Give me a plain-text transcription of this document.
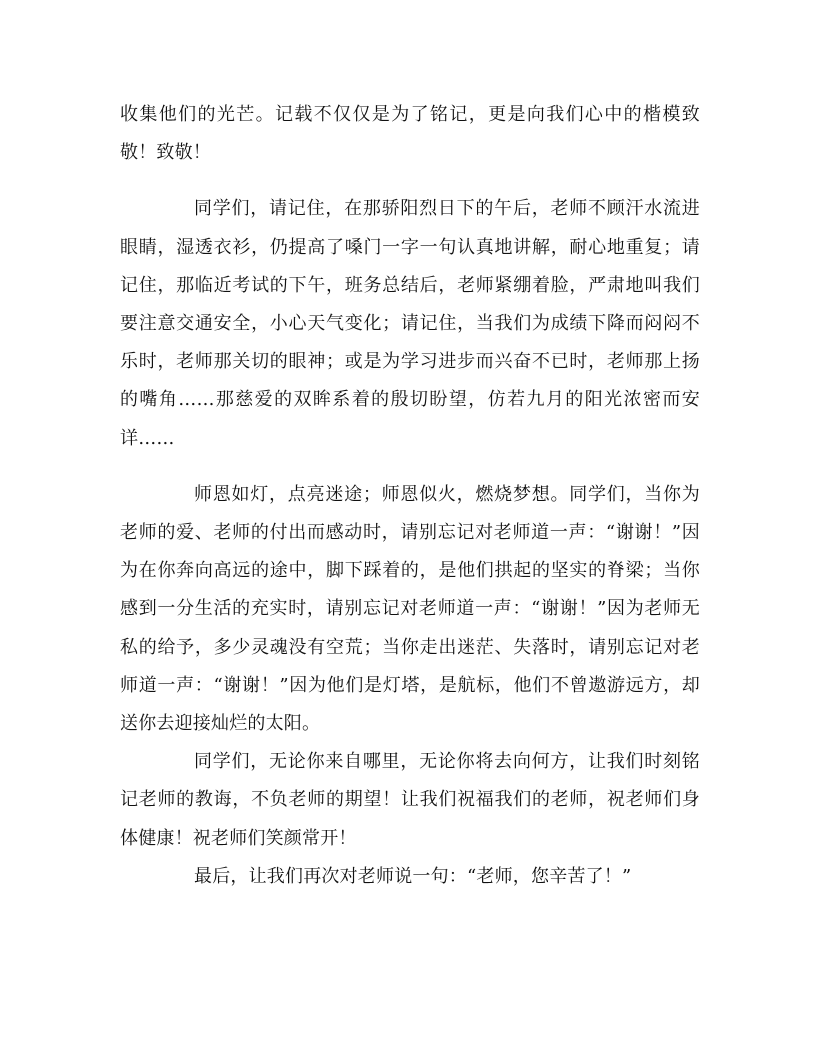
收集他们的光芒。记载不仅仅是为了铭记，更是向我们心中的楷模致敬！致敬！

同学们，请记住，在那骄阳烈日下的午后，老师不顾汗水流进眼睛，湿透衣衫，仍提高了嗓门一字一句认真地讲解，耐心地重复；请记住，那临近考试的下午，班务总结后，老师紧绷着脸，严肃地叫我们要注意交通安全，小心天气变化；请记住，当我们为成绩下降而闷闷不乐时，老师那关切的眼神；或是为学习进步而兴奋不已时，老师那上扬的嘴角……那慈爱的双眸系着的殷切盼望，仿若九月的阳光浓密而安详……

师恩如灯，点亮迷途；师恩似火，燃烧梦想。同学们，当你为老师的爱、老师的付出而感动时，请别忘记对老师道一声：“谢谢！”因为在你奔向高远的途中，脚下踩着的，是他们拱起的坚实的脊梁；当你感到一分生活的充实时，请别忘记对老师道一声：“谢谢！”因为老师无私的给予，多少灵魂没有空荒；当你走出迷茫、失落时，请别忘记对老师道一声：“谢谢！”因为他们是灯塔，是航标，他们不曾遨游远方，却送你去迎接灿烂的太阳。

同学们，无论你来自哪里，无论你将去向何方，让我们时刻铭记老师的教诲，不负老师的期望！让我们祝福我们的老师，祝老师们身体健康！祝老师们笑颜常开！

最后，让我们再次对老师说一句：“老师，您辛苦了！”
